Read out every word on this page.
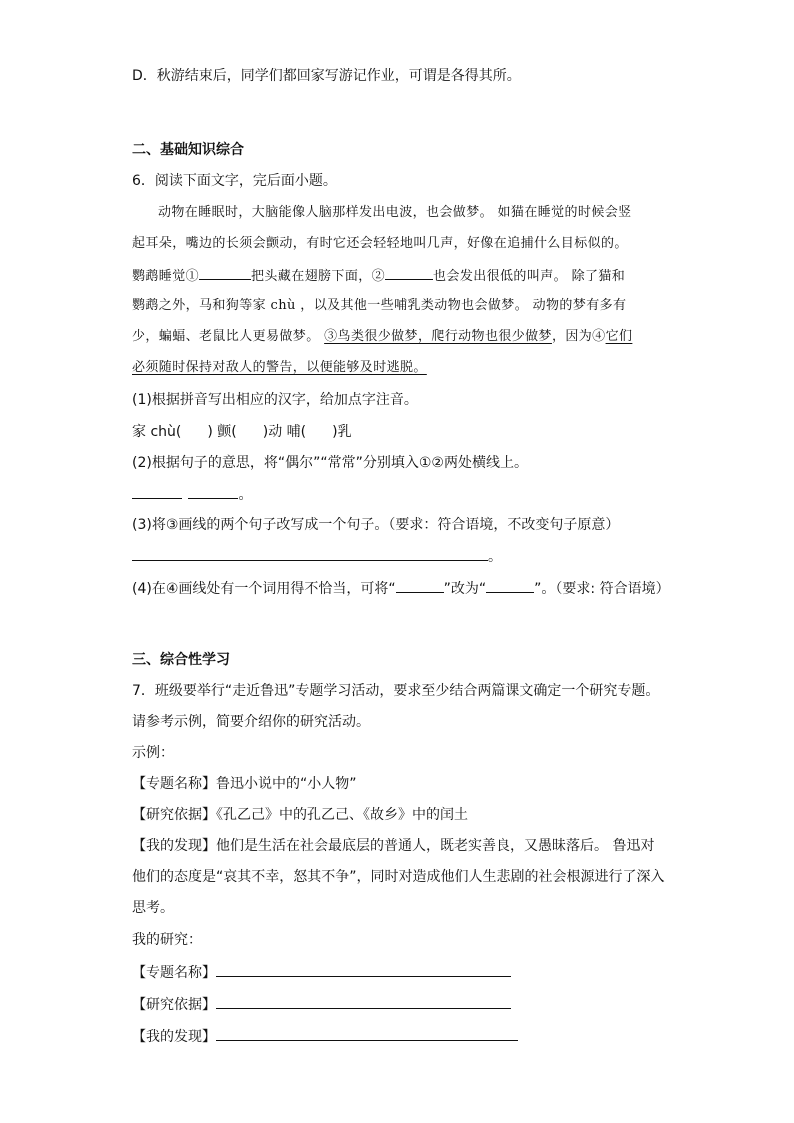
D．秋游结束后，同学们都回家写游记作业，可谓是各得其所。
二、基础知识综合
6．阅读下面文字，完后面小题。
动物在睡眠时，大脑能像人脑那样发出电波，也会做梦。 如猫在睡觉的时候会竖
起耳朵，嘴边的长须会颤动，有时它还会轻轻地叫几声，好像在追捕什么目标似的。
鹦鹉睡觉①	把头藏在翅膀下面，②	也会发出很低的叫声。 除了猫和
鹦鹉之外，马和狗等家 chù ，以及其他一些哺乳类动物也会做梦。 动物的梦有多有
少，蝙蝠、老鼠比人更易做梦。 ③鸟类很少做梦，爬行动物也很少做梦，因为④它们
必须随时保持对敌人的警告，以便能够及时逃脱。
(1)根据拼音写出相应的汉字，给加点字注音。
家 chù( ) 颤( )动 哺( )乳
(2)根据句子的意思，将“偶尔”“常常”分别填入①②两处横线上。
。
(3)将③画线的两个句子改写成一个句子。（要求：符合语境，不改变句子原意）
。
(4)在④画线处有一个词用得不恰当，可将“	”改为“	”。（要求: 符合语境）
三、综合性学习
7．班级要举行“走近鲁迅”专题学习活动，要求至少结合两篇课文确定一个研究专题。
请参考示例，简要介绍你的研究活动。
示例：
【专题名称】鲁迅小说中的“小人物”
【研究依据】《孔乙己》中的孔乙己、《故乡》中的闰土
【我的发现】他们是生活在社会最底层的普通人，既老实善良，又愚昧落后。 鲁迅对
他们的态度是“哀其不幸，怒其不争”，同时对造成他们人生悲剧的社会根源进行了深入
思考。
我的研究：
【专题名称】
【研究依据】
【我的发现】
